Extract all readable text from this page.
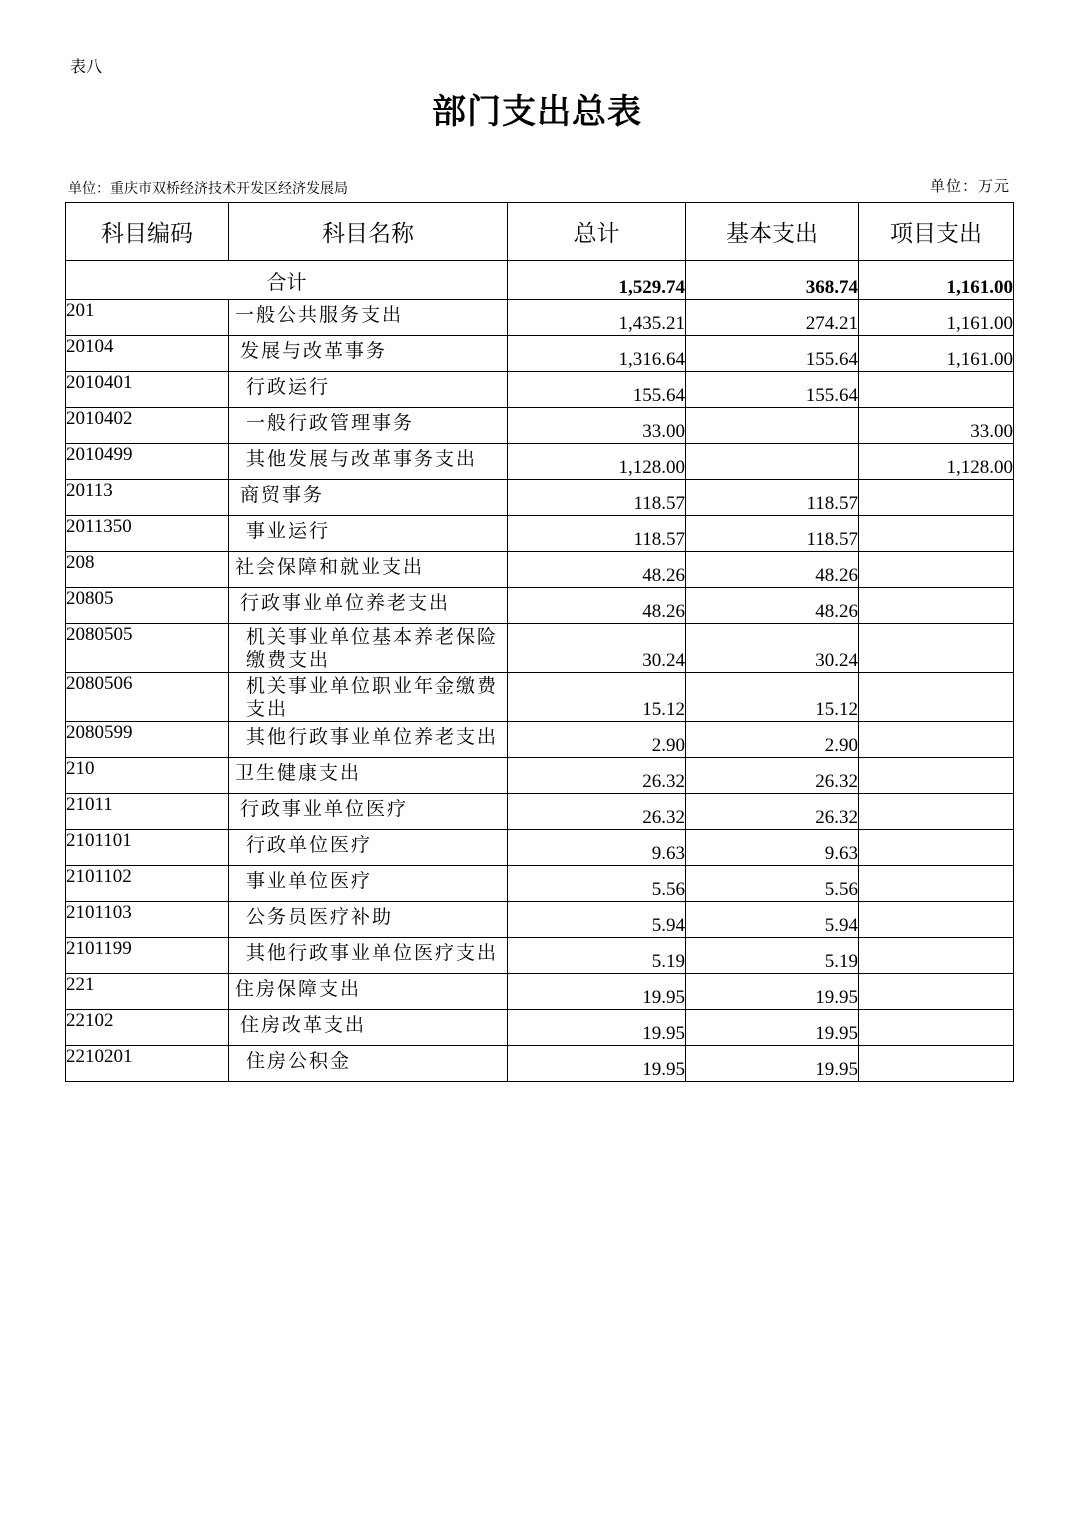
表八
部门支出总表
单位：重庆市双桥经济技术开发区经济发展局	单位：万元
科目编码	科目名称	总计	基本支出	项目支出
合计		1,529.74	368.74	1,161.00
201	一般公共服务支出	1,435.21	274.21	1,161.00
20104	发展与改革事务	1,316.64	155.64	1,161.00
2010401	行政运行	155.64	155.64	
2010402	一般行政管理事务	33.00		33.00
2010499	其他发展与改革事务支出	1,128.00		1,128.00
20113	商贸事务	118.57	118.57	
2011350	事业运行	118.57	118.57	
208	社会保障和就业支出	48.26	48.26	
20805	行政事业单位养老支出	48.26	48.26	
2080505	机关事业单位基本养老保险缴费支出	30.24	30.24	
2080506	机关事业单位职业年金缴费支出	15.12	15.12	
2080599	其他行政事业单位养老支出	2.90	2.90	
210	卫生健康支出	26.32	26.32	
21011	行政事业单位医疗	26.32	26.32	
2101101	行政单位医疗	9.63	9.63	
2101102	事业单位医疗	5.56	5.56	
2101103	公务员医疗补助	5.94	5.94	
2101199	其他行政事业单位医疗支出	5.19	5.19	
221	住房保障支出	19.95	19.95	
22102	住房改革支出	19.95	19.95	
2210201	住房公积金	19.95	19.95	
